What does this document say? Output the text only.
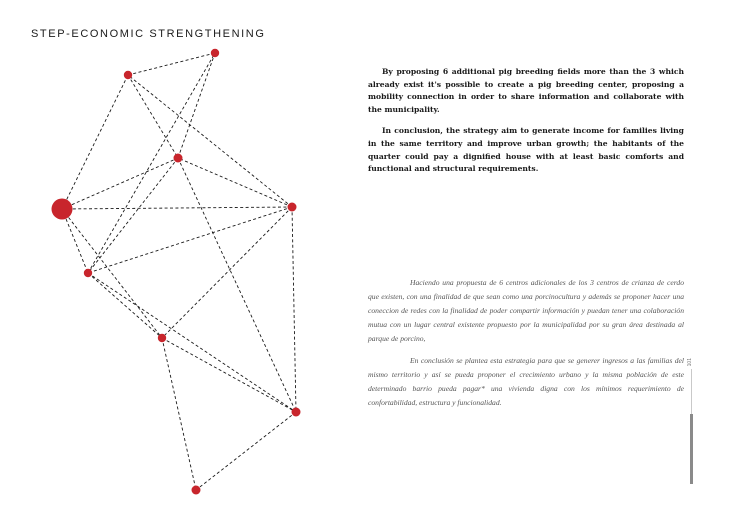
STEP-ECONOMIC STRENGTHENING

By proposing 6 additional pig breeding fields more than the 3 which already exist it's possible to create a pig breeding center, proposing a mobility connection in order to share information and collaborate with the municipality.

In conclusion, the strategy aim to generate income for families living in the same territory and improve urban growth; the habitants of the quarter could pay a dignified house with at least basic comforts and functional and structural requirements.

Haciendo una propuesta de 6 centros adicionales de los 3 centros de crianza de cerdo que existen, con una finalidad de que sean como una porcinocultura y además se proponer hacer una coneccion de redes con la finalidad de poder compartir información y puedan tener una colaboración mutua con un lugar central existente propuesto por la municipalidad por su gran área destinada al parque de porcino,

En conclusión se plantea esta estrategia para que se generer ingresos a las familias del mismo territorio y así se pueda proponer el crecimiento urbano y la misma población de este determinado barrio pueda pagar* una vivienda digna con los mínimos requerimiento de confortabilidad, estructura y funcionalidad.

101
